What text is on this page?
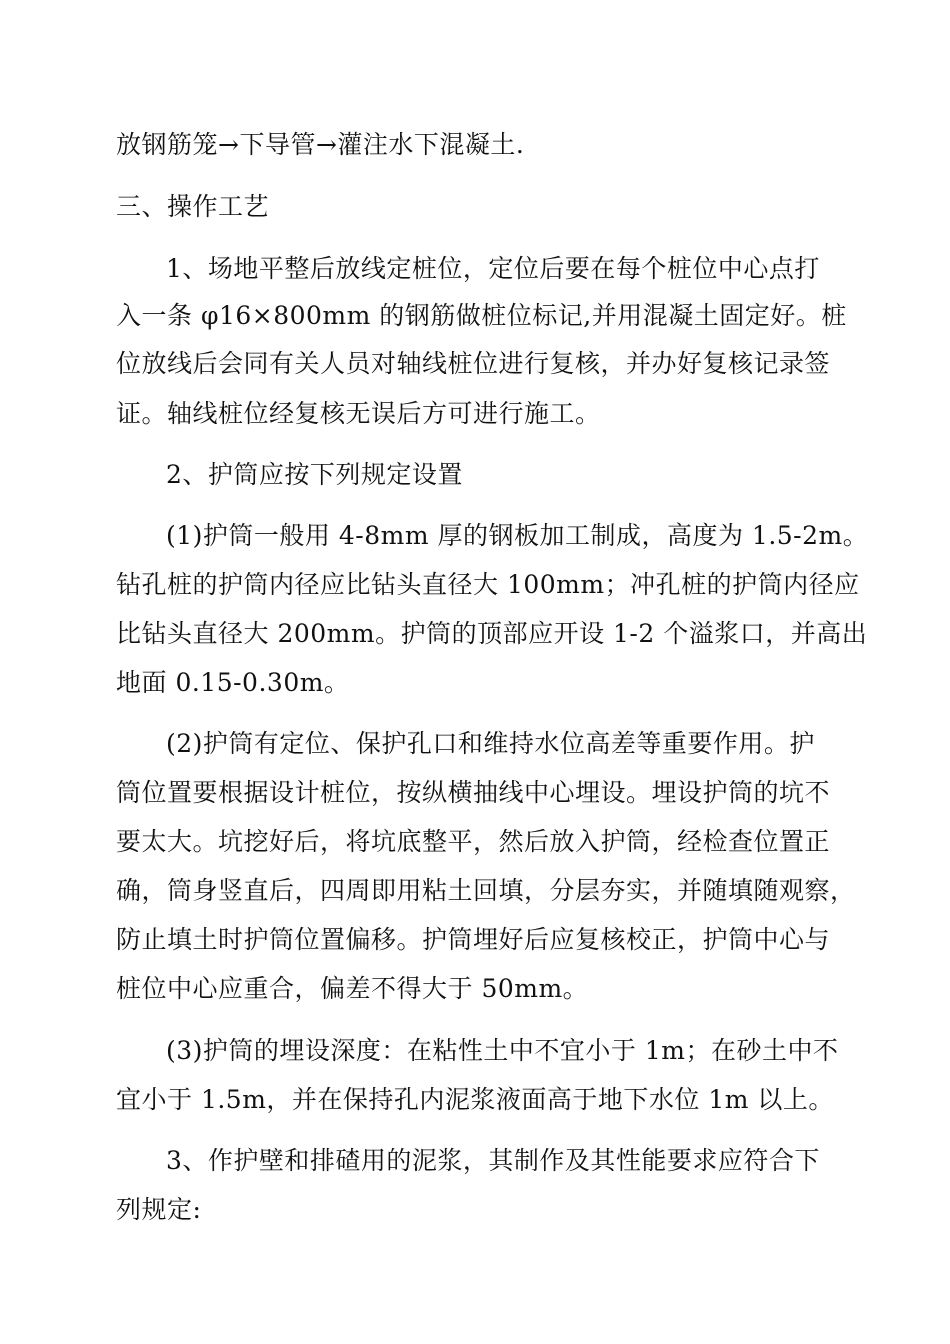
放钢筋笼→下导管→灌注水下混凝土.
三、操作工艺
1、场地平整后放线定桩位，定位后要在每个桩位中心点打
入一条 φ16×800mm 的钢筋做桩位标记,并用混凝土固定好。桩
位放线后会同有关人员对轴线桩位进行复核，并办好复核记录签
证。轴线桩位经复核无误后方可进行施工。
2、护筒应按下列规定设置
(1)护筒一般用 4-8mm 厚的钢板加工制成，高度为 1.5-2m。
钻孔桩的护筒内径应比钻头直径大 100mm；冲孔桩的护筒内径应
比钻头直径大 200mm。护筒的顶部应开设 1-2 个溢浆口，并高出
地面 0.15-0.30m。
(2)护筒有定位、保护孔口和维持水位高差等重要作用。护
筒位置要根据设计桩位，按纵横抽线中心埋设。埋设护筒的坑不
要太大。坑挖好后，将坑底整平，然后放入护筒，经检查位置正
确，筒身竖直后，四周即用粘土回填，分层夯实，并随填随观察，
防止填土时护筒位置偏移。护筒埋好后应复核校正，护筒中心与
桩位中心应重合，偏差不得大于 50mm。
(3)护筒的埋设深度：在粘性土中不宜小于 1m；在砂土中不
宜小于 1.5m，并在保持孔内泥浆液面高于地下水位 1m 以上。
3、作护壁和排碴用的泥浆，其制作及其性能要求应符合下
列规定:
